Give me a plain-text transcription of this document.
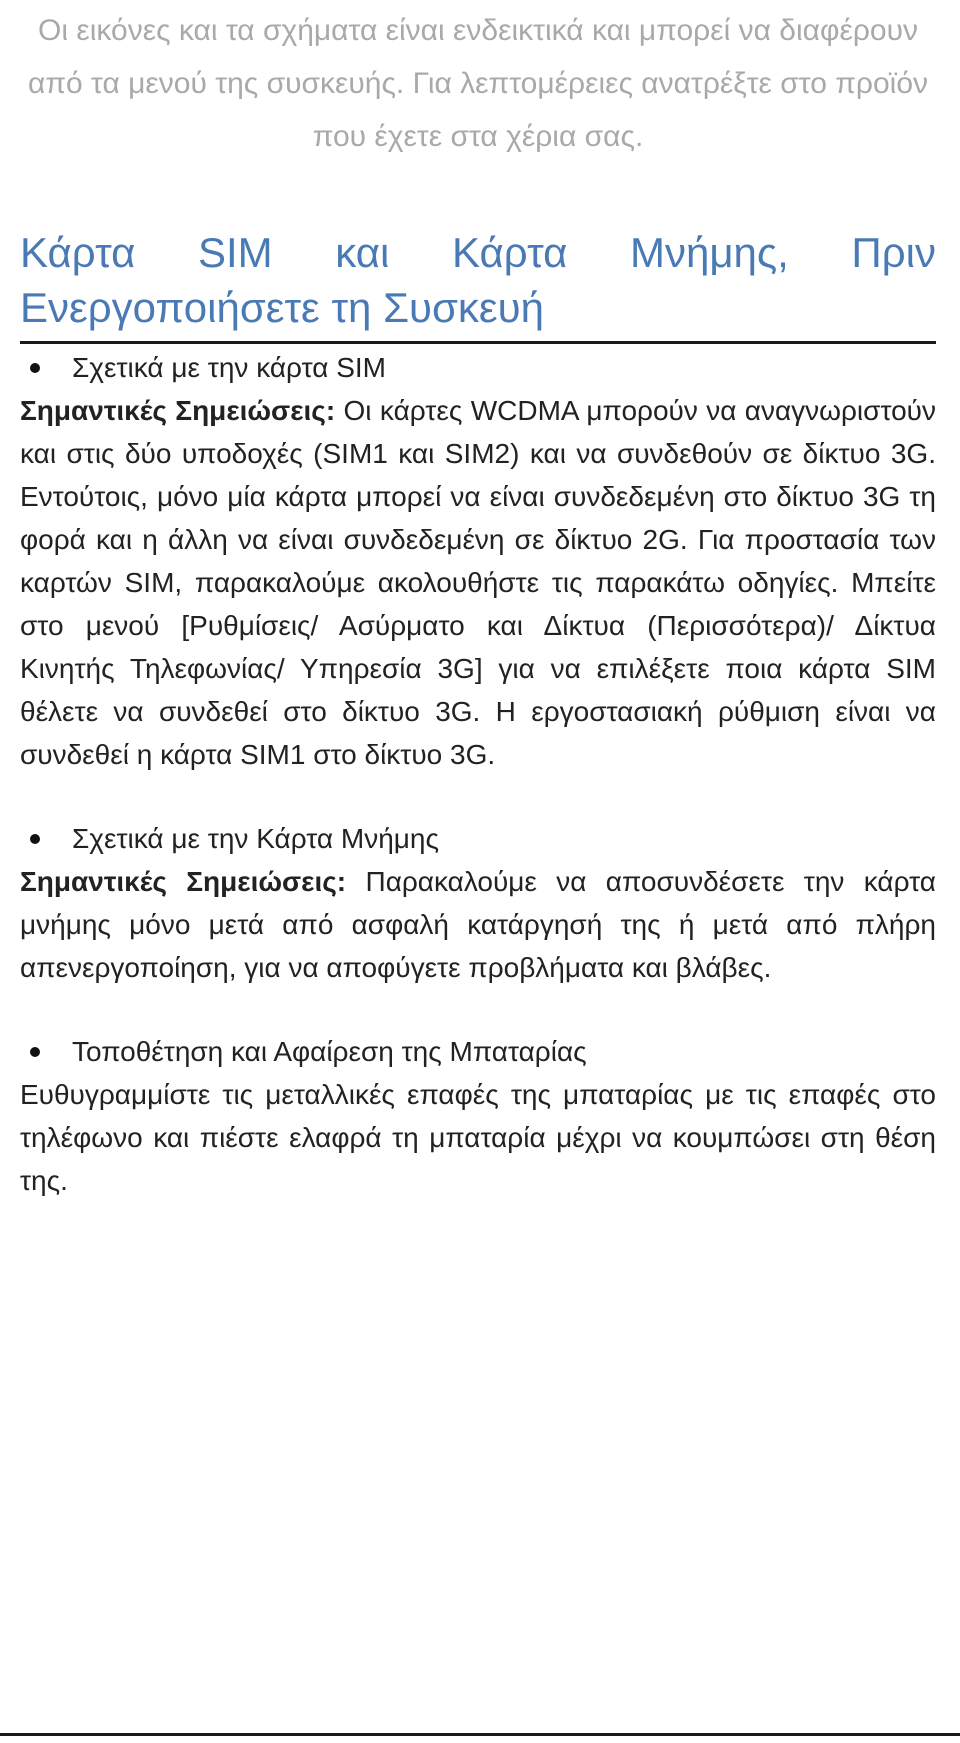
Οι εικόνες και τα σχήματα είναι ενδεικτικά και μπορεί να διαφέρουν από τα μενού της συσκευής. Για λεπτομέρειες ανατρέξτε στο προϊόν που έχετε στα χέρια σας.

Κάρτα SIM και Κάρτα Μνήμης, Πριν Ενεργοποιήσετε τη Συσκευή
Σχετικά με την κάρτα SIM

Σημαντικές Σημειώσεις: Οι κάρτες WCDMA μπορούν να αναγνωριστούν και στις δύο υποδοχές (SIM1 και SIM2) και να συνδεθούν σε δίκτυο 3G. Εντούτοις, μόνο μία κάρτα μπορεί να είναι συνδεδεμένη στο δίκτυο 3G τη φορά και η άλλη να είναι συνδεδεμένη σε δίκτυο 2G. Για προστασία των καρτών SIM, παρακαλούμε ακολουθήστε τις παρακάτω οδηγίες. Μπείτε στο μενού [Ρυθμίσεις/ Ασύρματο και Δίκτυα (Περισσότερα)/ Δίκτυα Κινητής Τηλεφωνίας/ Υπηρεσία 3G] για να επιλέξετε ποια κάρτα SIM θέλετε να συνδεθεί στο δίκτυο 3G. Η εργοστασιακή ρύθμιση είναι να συνδεθεί η κάρτα SIM1 στο δίκτυο 3G.

Σχετικά με την Κάρτα Μνήμης

Σημαντικές Σημειώσεις: Παρακαλούμε να αποσυνδέσετε την κάρτα μνήμης μόνο μετά από ασφαλή κατάργησή της ή μετά από πλήρη απενεργοποίηση, για να αποφύγετε προβλήματα και βλάβες.

Τοποθέτηση και Αφαίρεση της Μπαταρίας

Ευθυγραμμίστε τις μεταλλικές επαφές της μπαταρίας με τις επαφές στο τηλέφωνο και πιέστε ελαφρά τη μπαταρία μέχρι να κουμπώσει στη θέση της.
